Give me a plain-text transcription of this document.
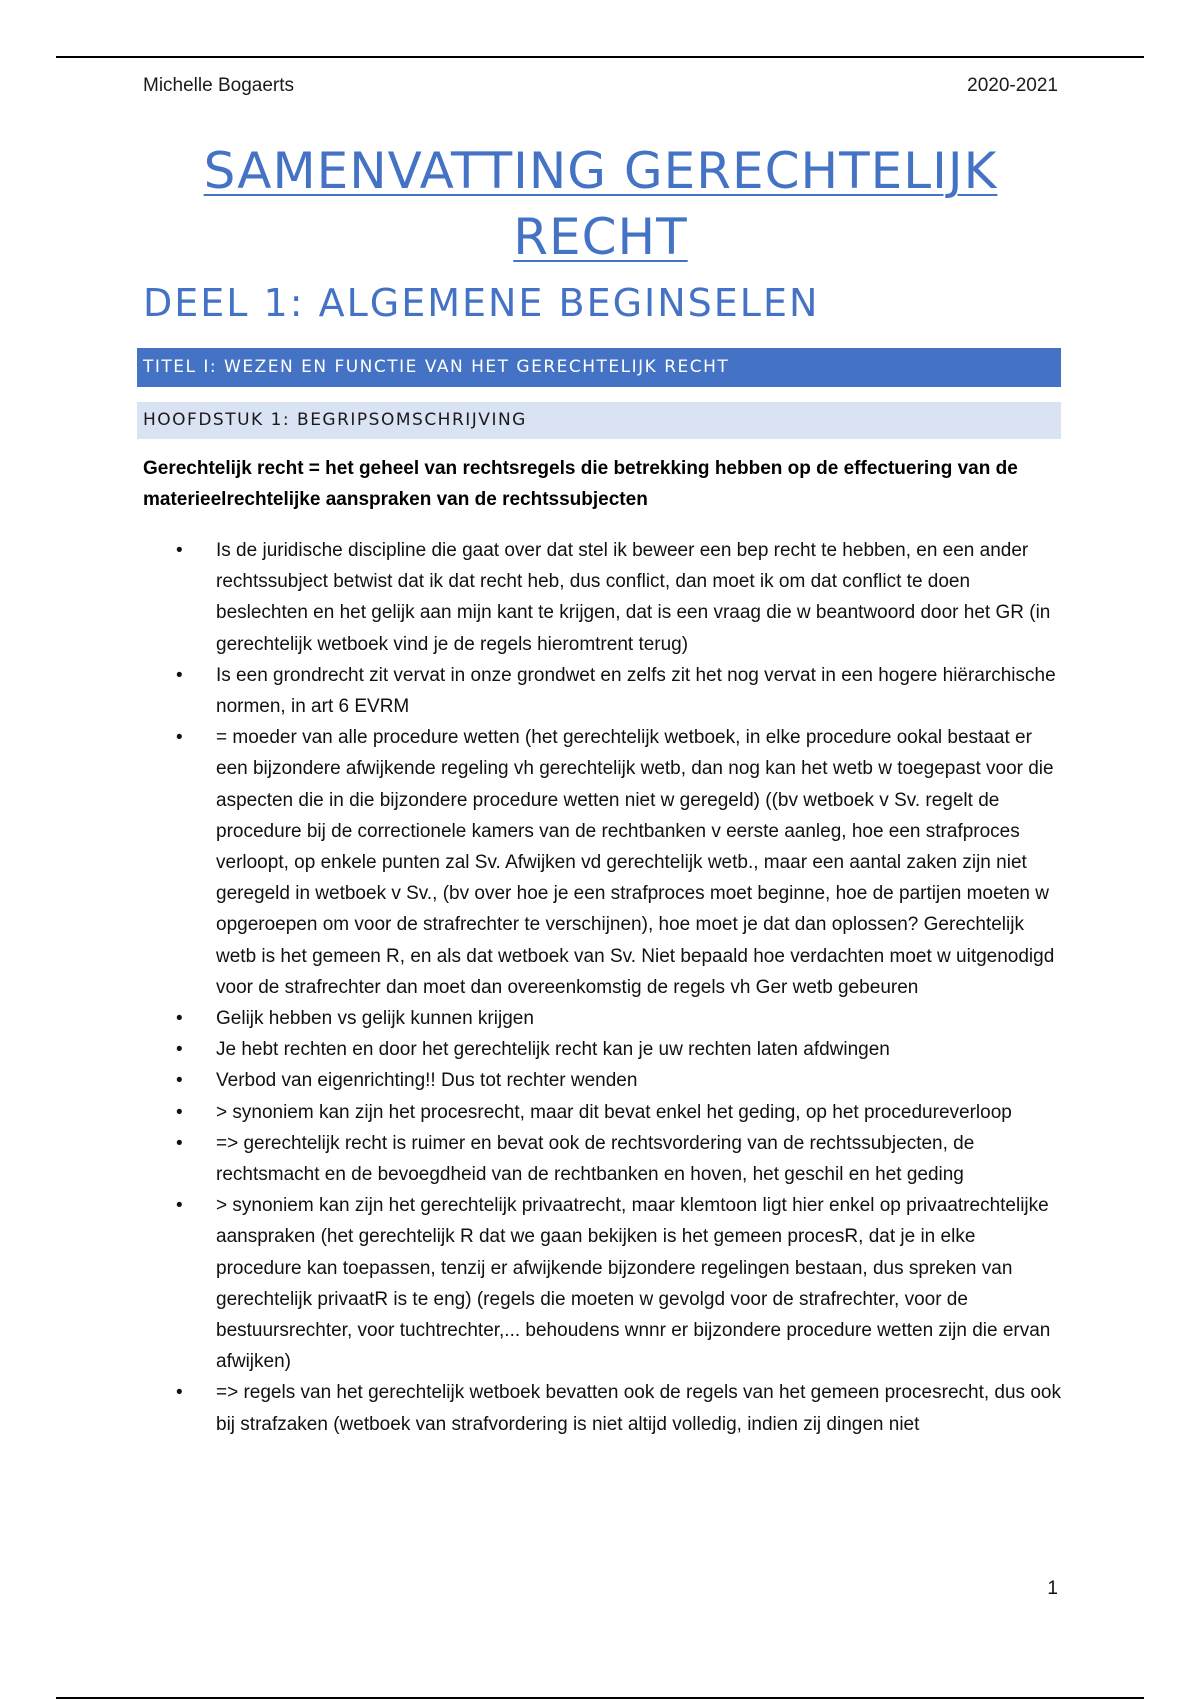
Michelle Bogaerts	2020-2021
SAMENVATTING GERECHTELIJK
RECHT
DEEL 1: ALGEMENE BEGINSELEN
TITEL I: WEZEN EN FUNCTIE VAN HET GERECHTELIJK RECHT
HOOFDSTUK 1: BEGRIPSOMSCHRIJVING
Gerechtelijk recht = het geheel van rechtsregels die betrekking hebben op de effectuering van de materieelrechtelijke aanspraken van de rechtssubjecten
• Is de juridische discipline die gaat over dat stel ik beweer een bep recht te hebben, en een ander rechtssubject betwist dat ik dat recht heb, dus conflict, dan moet ik om dat conflict te doen beslechten en het gelijk aan mijn kant te krijgen, dat is een vraag die w beantwoord door het GR (in gerechtelijk wetboek vind je de regels hieromtrent terug)
• Is een grondrecht zit vervat in onze grondwet en zelfs zit het nog vervat in een hogere hiërarchische normen, in art 6 EVRM
• = moeder van alle procedure wetten (het gerechtelijk wetboek, in elke procedure ookal bestaat er een bijzondere afwijkende regeling vh gerechtelijk wetb, dan nog kan het wetb w toegepast voor die aspecten die in die bijzondere procedure wetten niet w geregeld) ((bv wetboek v Sv. regelt de procedure bij de correctionele kamers van de rechtbanken v eerste aanleg, hoe een strafproces verloopt, op enkele punten zal Sv. Afwijken vd gerechtelijk wetb., maar een aantal zaken zijn niet geregeld in wetboek v Sv., (bv over hoe je een strafproces moet beginne, hoe de partijen moeten w opgeroepen om voor de strafrechter te verschijnen), hoe moet je dat dan oplossen? Gerechtelijk wetb is het gemeen R, en als dat wetboek van Sv. Niet bepaald hoe verdachten moet w uitgenodigd voor de strafrechter dan moet dan overeenkomstig de regels vh Ger wetb gebeuren
• Gelijk hebben vs gelijk kunnen krijgen
• Je hebt rechten en door het gerechtelijk recht kan je uw rechten laten afdwingen
• Verbod van eigenrichting!! Dus tot rechter wenden
• > synoniem kan zijn het procesrecht, maar dit bevat enkel het geding, op het procedureverloop
• => gerechtelijk recht is ruimer en bevat ook de rechtsvordering van de rechtssubjecten, de rechtsmacht en de bevoegdheid van de rechtbanken en hoven, het geschil en het geding
• > synoniem kan zijn het gerechtelijk privaatrecht, maar klemtoon ligt hier enkel op privaatrechtelijke aanspraken (het gerechtelijk R dat we gaan bekijken is het gemeen procesR, dat je in elke procedure kan toepassen, tenzij er afwijkende bijzondere regelingen bestaan, dus spreken van gerechtelijk privaatR is te eng) (regels die moeten w gevolgd voor de strafrechter, voor de bestuursrechter, voor tuchtrechter,... behoudens wnnr er bijzondere procedure wetten zijn die ervan afwijken)
• => regels van het gerechtelijk wetboek bevatten ook de regels van het gemeen procesrecht, dus ook bij strafzaken (wetboek van strafvordering is niet altijd volledig, indien zij dingen niet
1
